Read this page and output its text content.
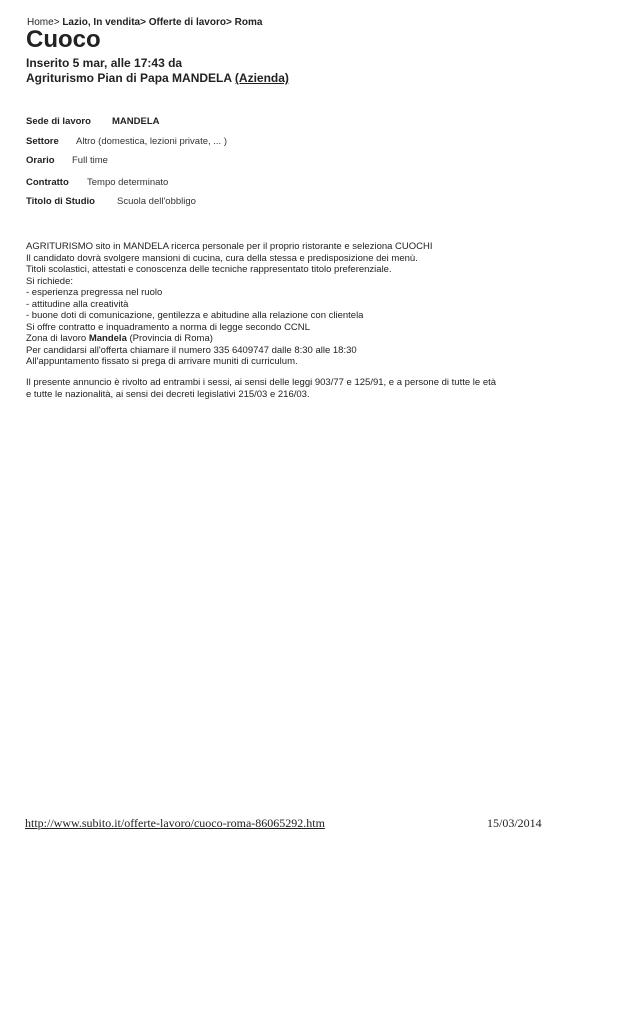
Home> Lazio, In vendita> Offerte di lavoro> Roma
Cuoco
Inserito 5 mar, alle 17:43 da
Agriturismo Pian di Papa MANDELA (Azienda)
Sede di lavoro MANDELA
Settore Altro (domestica, lezioni private, ... )
Orario Full time
Contratto Tempo determinato
Titolo di Studio Scuola dell'obbligo
AGRITURISMO sito in MANDELA ricerca personale per il proprio ristorante e seleziona CUOCHI
Il candidato dovrà svolgere mansioni di cucina, cura della stessa e predisposizione dei menù.
Titoli scolastici, attestati e conoscenza delle tecniche rappresentato titolo preferenziale.
Si richiede:
- esperienza pregressa nel ruolo
- attitudine alla creatività
- buone doti di comunicazione, gentilezza e abitudine alla relazione con clientela
Si offre contratto e inquadramento a norma di legge secondo CCNL
Zona di lavoro Mandela (Provincia di Roma)
Per candidarsi all'offerta chiamare il numero 335 6409747 dalle 8:30 alle 18:30
All'appuntamento fissato si prega di arrivare muniti di curriculum.
Il presente annuncio è rivolto ad entrambi i sessi, ai sensi delle leggi 903/77 e 125/91, e a persone di tutte le età
e tutte le nazionalità, ai sensi dei decreti legislativi 215/03 e 216/03.
http://www.subito.it/offerte-lavoro/cuoco-roma-86065292.htm	15/03/2014
